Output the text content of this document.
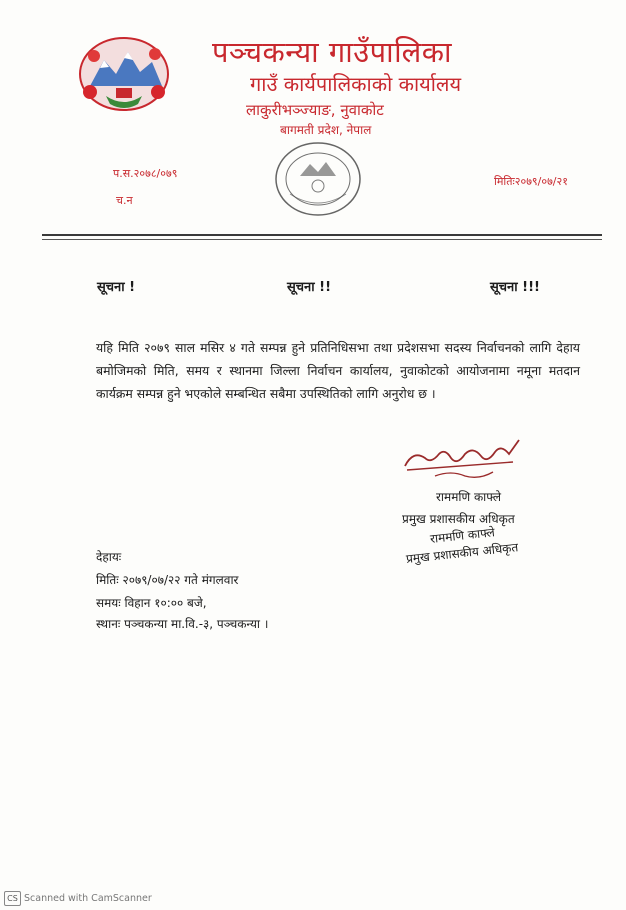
पञ्चकन्या गाउँपालिका
गाउँ कार्यपालिकाको कार्यालय
लाकुरीभञ्ज्याङ, नुवाकोट
बागमती प्रदेश, नेपाल
प.स.२०७८/०७९
च.न
मितिः२०७९/०७/२१
सूचना !	सूचना !!	सूचना !!!
यहि मिति २०७९ साल मसिर ४ गते सम्पन्न हुने प्रतिनिधिसभा तथा प्रदेशसभा सदस्य निर्वाचनको लागि देहाय बमोजिमको मिति, समय र स्थानमा जिल्ला निर्वाचन कार्यालय, नुवाकोटको आयोजनामा नमूना मतदान कार्यक्रम सम्पन्न हुने भएकोले सम्बन्धित सबैमा उपस्थितिको लागि अनुरोध छ ।
राममणि काफ्ले
प्रमुख प्रशासकीय अधिकृत
राममणि काफ्ले
प्रमुख प्रशासकीय अधिकृत
देहायः
मितिः २०७९/०७/२२ गते मंगलवार
समयः विहान १०:०० बजे,
स्थानः पञ्चकन्या मा.वि.-३, पञ्चकन्या ।
CS Scanned with CamScanner
